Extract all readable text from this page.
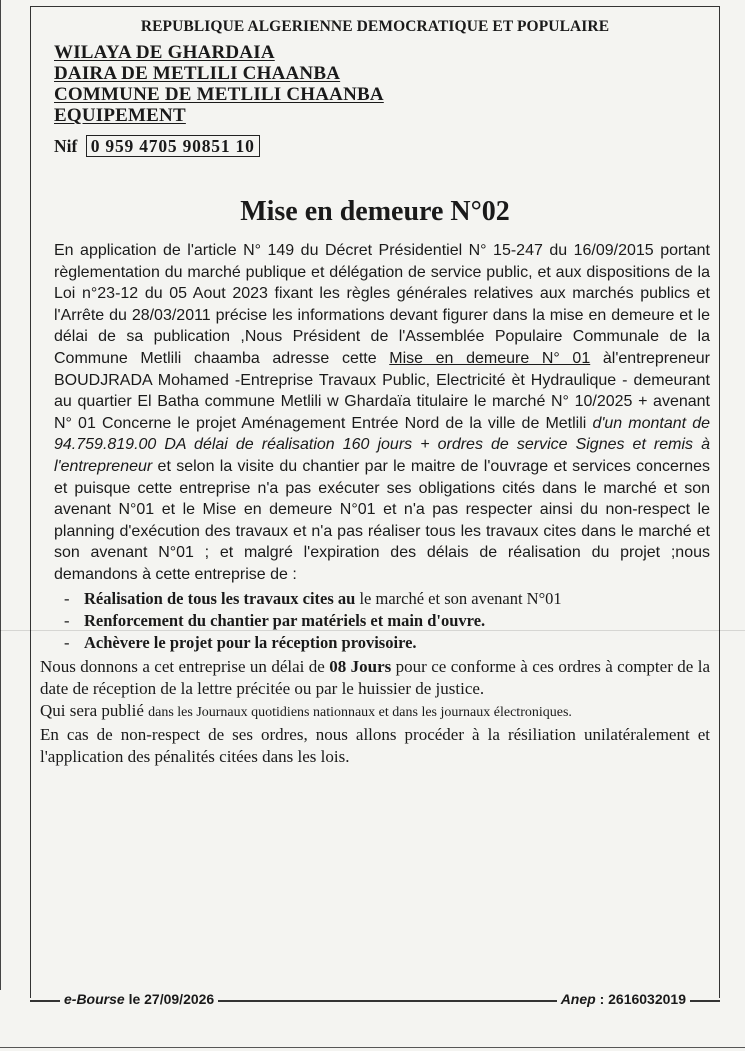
REPUBLIQUE ALGERIENNE DEMOCRATIQUE ET POPULAIRE
WILAYA DE GHARDAIA
DAIRA DE METLILI CHAANBA
COMMUNE DE METLILI CHAANBA
EQUIPEMENT
Nif 0 959 4705 90851 10
Mise en demeure N°02

En application de l'article N° 149 du Décret Présidentiel N° 15-247 du 16/09/2015 portant règlementation du marché publique et délégation de service public, et aux dispositions de la Loi n°23-12 du 05 Aout 2023 fixant les règles générales relatives aux marchés publics et l'Arrête du 28/03/2011 précise les informations devant figurer dans la mise en demeure et le délai de sa publication ,Nous Président de l'Assemblée Populaire Communale de la Commune Metlili chaamba adresse cette Mise en demeure N° 01 àl'entrepreneur BOUDJRADA Mohamed -Entreprise Travaux Public, Electricité èt Hydraulique - demeurant au quartier El Batha commune Metlili w Ghardaïa titulaire le marché N° 10/2025 + avenant N° 01 Concerne le projet Aménagement Entrée Nord de la ville de Metlili d'un montant de 94.759.819.00 DA délai de réalisation 160 jours + ordres de service Signes et remis à l'entrepreneur et selon la visite du chantier par le maitre de l'ouvrage et services concernes et puisque cette entreprise n'a pas exécuter ses obligations cités dans le marché et son avenant N°01 et le Mise en demeure N°01 et n'a pas respecter ainsi du non-respect le planning d'exécution des travaux et n'a pas réaliser tous les travaux cites dans le marché et son avenant N°01 ; et malgré l'expiration des délais de réalisation du projet ;nous demandons à cette entreprise de :

- Réalisation de tous les travaux cites au le marché et son avenant N°01
- Renforcement du chantier par matériels et main d'ouvre.
- Achèvere le projet pour la réception provisoire.

Nous donnons a cet entreprise un délai de 08 Jours pour ce conforme à ces ordres à compter de la date de réception de la lettre précitée ou par le huissier de justice.

Qui sera publié dans les Journaux quotidiens nationnaux et dans les journaux électroniques.

En cas de non-respect de ses ordres, nous allons procéder à la résiliation unilatéralement et l'application des pénalités citées dans les lois.

e-Bourse le 27/09/2026	Anep : 2616032019
